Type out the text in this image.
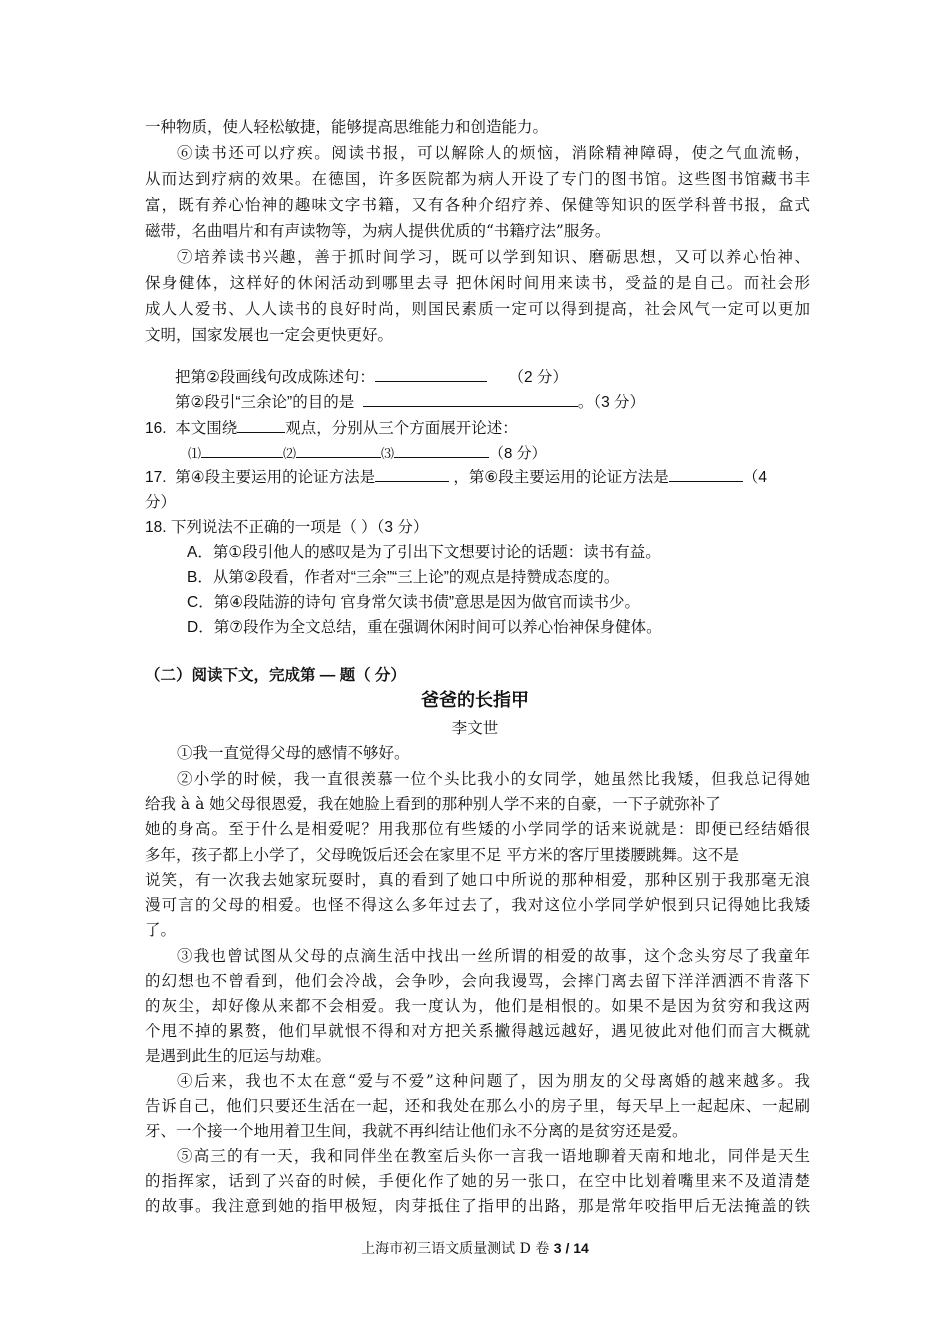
一种物质，使人轻松敏捷，能够提高思维能力和创造能力。
⑥读书还可以疗疾。阅读书报，可以解除人的烦恼，消除精神障碍，使之气血流畅，
从而达到疗病的效果。在德国，许多医院都为病人开设了专门的图书馆。这些图书馆藏书丰
富，既有养心怡神的趣味文字书籍，又有各种介绍疗养、保健等知识的医学科普书报，盒式
磁带，名曲唱片和有声读物等，为病人提供优质的“书籍疗法”服务。
⑦培养读书兴趣，善于抓时间学习，既可以学到知识、磨砺思想，又可以养心怡神、
保身健体，这样好的休闲活动到哪里去寻 把休闲时间用来读书，受益的是自己。而社会形
成人人爱书、人人读书的良好时尚，则国民素质一定可以得到提高，社会风气一定可以更加
文明，国家发展也一定会更快更好。
把第②段画线句改成陈述句：	（2 分）
第②段引“三余论”的目的是	。（3 分）
16. 本文围绕	观点，分别从三个方面展开论述：
⑴	⑵	⑶	（8 分）
17. 第④段主要运用的论证方法是	，第⑥段主要运用的论证方法是	（4
分）
18. 下列说法不正确的一项是（ ）（3 分）
A．第①段引他人的感叹是为了引出下文想要讨论的话题：读书有益。
B．从第②段看，作者对“三余”“三上论”的观点是持赞成态度的。
C．第④段陆游的诗句 官身常欠读书债”意思是因为做官而读书少。
D．第⑦段作为全文总结，重在强调休闲时间可以养心怡神保身健体。
（二）阅读下文，完成第 — 题（ 分）
爸爸的长指甲
李文世
①我一直觉得父母的感情不够好。
②小学的时候，我一直很羡慕一位个头比我小的女同学，她虽然比我矮，但我总记得她
给我 à à 她父母很恩爱，我在她脸上看到的那种别人学不来的自豪，一下子就弥补了
她的身高。至于什么是相爱呢？用我那位有些矮的小学同学的话来说就是：即便已经结婚很
多年，孩子都上小学了，父母晚饭后还会在家里不足 平方米的客厅里搂腰跳舞。这不是
说笑，有一次我去她家玩耍时，真的看到了她口中所说的那种相爱，那种区别于我那毫无浪
漫可言的父母的相爱。也怪不得这么多年过去了，我对这位小学同学妒恨到只记得她比我矮
了。
③我也曾试图从父母的点滴生活中找出一丝所谓的相爱的故事，这个念头穷尽了我童年
的幻想也不曾看到，他们会冷战，会争吵，会向我谩骂，会摔门离去留下洋洋洒洒不肯落下
的灰尘，却好像从来都不会相爱。我一度认为，他们是相恨的。如果不是因为贫穷和我这两
个甩不掉的累赘，他们早就恨不得和对方把关系撇得越远越好，遇见彼此对他们而言大概就
是遇到此生的厄运与劫难。
④后来，我也不太在意“爱与不爱”这种问题了，因为朋友的父母离婚的越来越多。我
告诉自己，他们只要还生活在一起，还和我处在那么小的房子里，每天早上一起起床、一起刷
牙、一个接一个地用着卫生间，我就不再纠结让他们永不分离的是贫穷还是爱。
⑤高三的有一天，我和同伴坐在教室后头你一言我一语地聊着天南和地北，同伴是天生
的指挥家，话到了兴奋的时候，手便化作了她的另一张口，在空中比划着嘴里来不及道清楚
的故事。我注意到她的指甲极短，肉芽抵住了指甲的出路，那是常年咬指甲后无法掩盖的铁
上海市初三语文质量测试 D 卷 3 / 14
